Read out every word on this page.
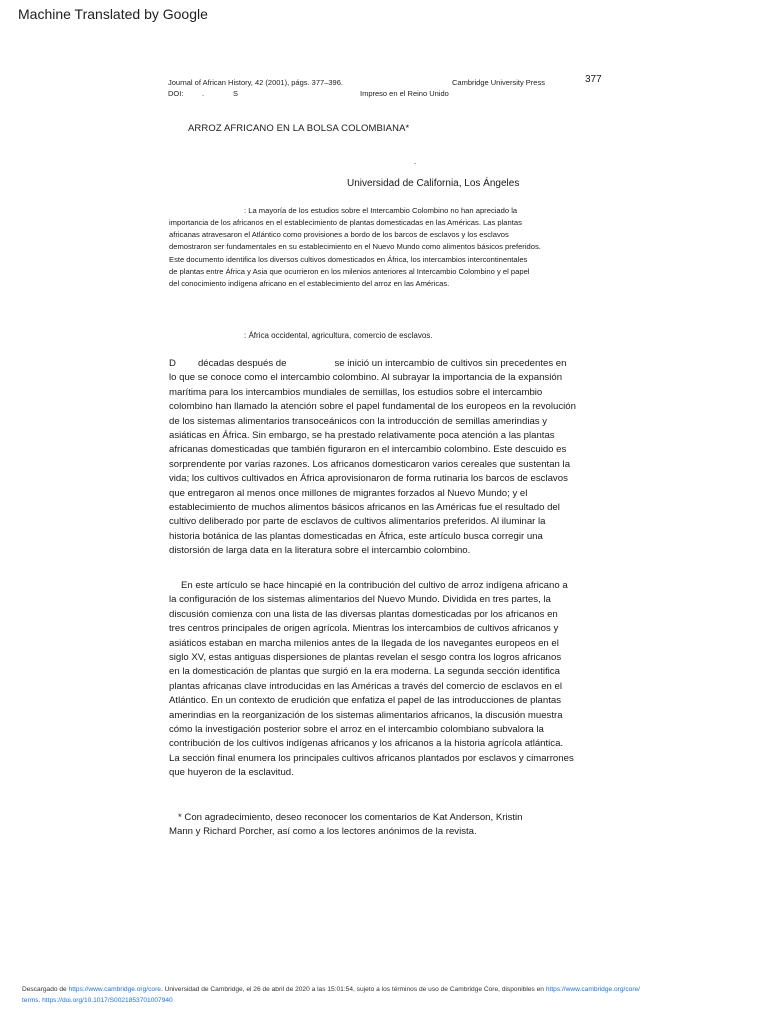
Machine Translated by Google
Journal of African History, 42 (2001), págs. 377–396.	Cambridge University Press	377
DOI: .	S	Impreso en el Reino Unido
ARROZ AFRICANO EN LA BOLSA COLOMBIANA*
.
Universidad de California, Los Ángeles

: La mayoría de los estudios sobre el Intercambio Colombino no han apreciado la
importancia de los africanos en el establecimiento de plantas domesticadas en las Américas. Las plantas
africanas atravesaron el Atlántico como provisiones a bordo de los barcos de esclavos y los esclavos
demostraron ser fundamentales en su establecimiento en el Nuevo Mundo como alimentos básicos preferidos.
Este documento identifica los diversos cultivos domesticados en África, los intercambios intercontinentales
de plantas entre África y Asia que ocurrieron en los milenios anteriores al Intercambio Colombino y el papel
del conocimiento indígena africano en el establecimiento del arroz en las Américas.

: África occidental, agricultura, comercio de esclavos.

D décadas después de	se inició un intercambio de cultivos sin precedentes en
lo que se conoce como el intercambio colombino. Al subrayar la importancia de la expansión
marítima para los intercambios mundiales de semillas, los estudios sobre el intercambio
colombino han llamado la atención sobre el papel fundamental de los europeos en la revolución
de los sistemas alimentarios transoceánicos con la introducción de semillas amerindias y
asiáticas en África. Sin embargo, se ha prestado relativamente poca atención a las plantas
africanas domesticadas que también figuraron en el intercambio colombino. Este descuido es
sorprendente por varias razones. Los africanos domesticaron varios cereales que sustentan la
vida; los cultivos cultivados en África aprovisionaron de forma rutinaria los barcos de esclavos
que entregaron al menos once millones de migrantes forzados al Nuevo Mundo; y el
establecimiento de muchos alimentos básicos africanos en las Américas fue el resultado del
cultivo deliberado por parte de esclavos de cultivos alimentarios preferidos. Al iluminar la
historia botánica de las plantas domesticadas en África, este artículo busca corregir una
distorsión de larga data en la literatura sobre el intercambio colombino.

En este artículo se hace hincapié en la contribución del cultivo de arroz indígena africano a
la configuración de los sistemas alimentarios del Nuevo Mundo. Dividida en tres partes, la
discusión comienza con una lista de las diversas plantas domesticadas por los africanos en
tres centros principales de origen agrícola. Mientras los intercambios de cultivos africanos y
asiáticos estaban en marcha milenios antes de la llegada de los navegantes europeos en el
siglo XV, estas antiguas dispersiones de plantas revelan el sesgo contra los logros africanos
en la domesticación de plantas que surgió en la era moderna. La segunda sección identifica
plantas africanas clave introducidas en las Américas a través del comercio de esclavos en el
Atlántico. En un contexto de erudición que enfatiza el papel de las introducciones de plantas
amerindias en la reorganización de los sistemas alimentarios africanos, la discusión muestra
cómo la investigación posterior sobre el arroz en el intercambio colombiano subvalora la
contribución de los cultivos indígenas africanos y los africanos a la historia agrícola atlántica.
La sección final enumera los principales cultivos africanos plantados por esclavos y cimarrones
que huyeron de la esclavitud.

* Con agradecimiento, deseo reconocer los comentarios de Kat Anderson, Kristin
Mann y Richard Porcher, así como a los lectores anónimos de la revista.

Descargado de https://www.cambridge.org/core. Universidad de Cambridge, el 26 de abril de 2020 a las 15:01:54, sujeto a los términos de uso de Cambridge Core, disponibles en https://www.cambridge.org/core/
terms. https://doi.org/10.1017/S0021853701007940
